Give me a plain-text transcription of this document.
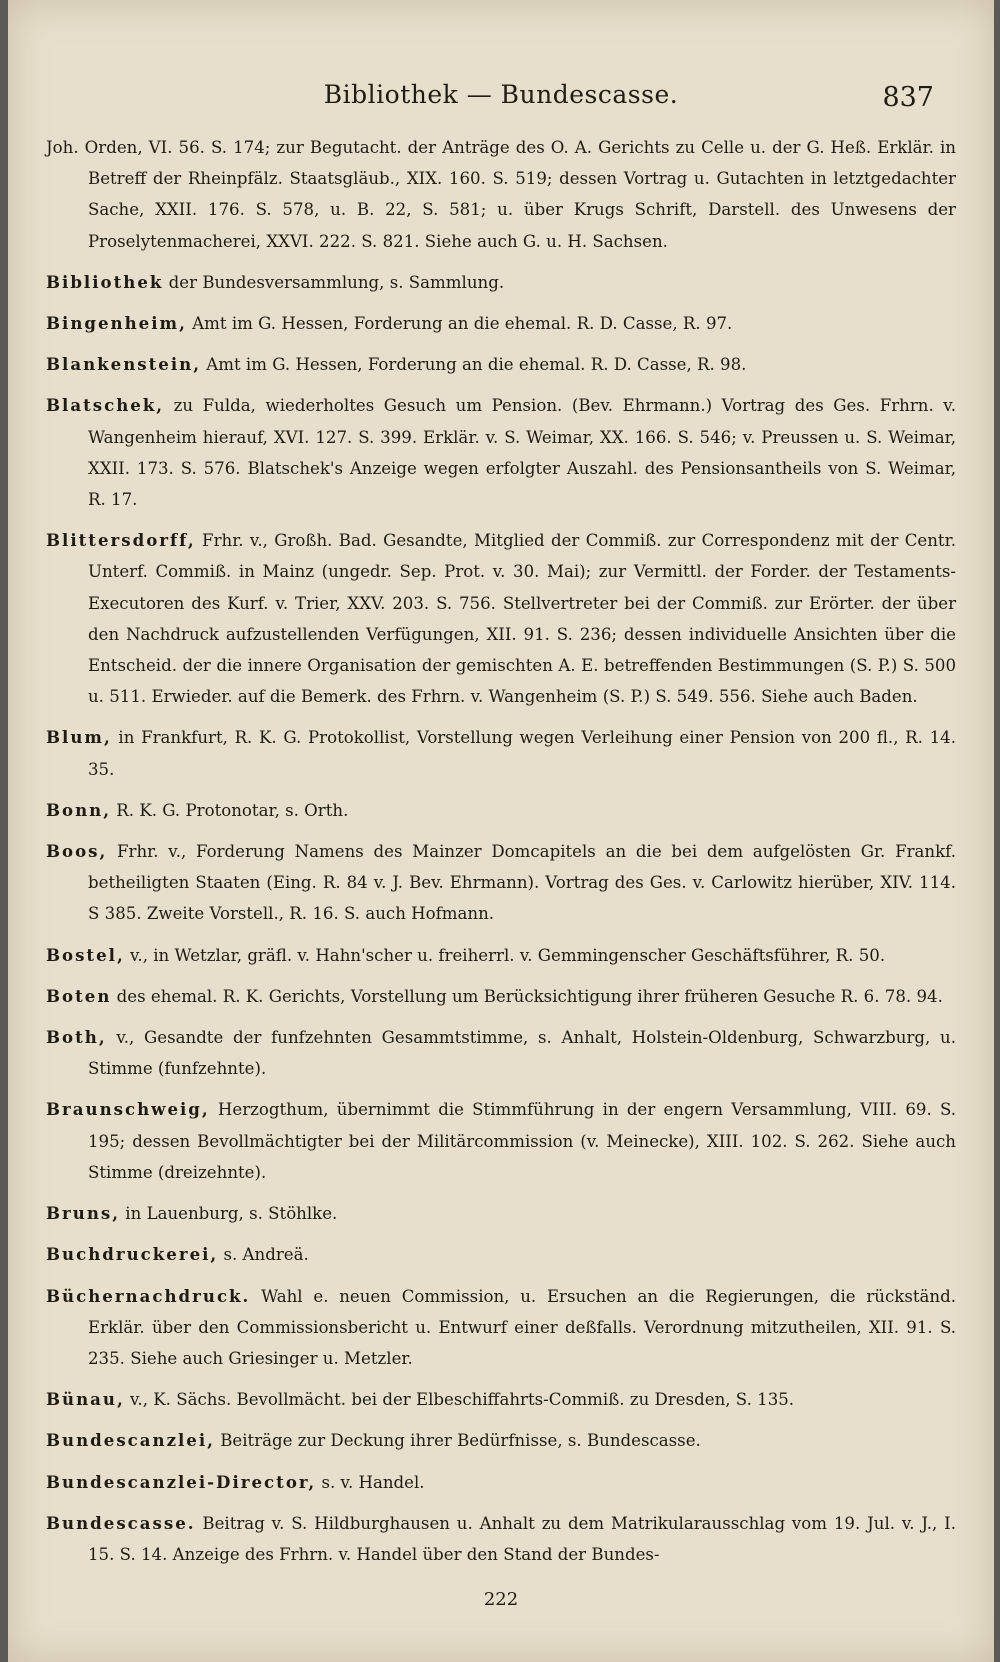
Bibliothek — Bundescasse.	837

Joh. Orden, VI. 56. S. 174; zur Begutacht. der Anträge des O. A. Gerichts zu Celle u. der G. Heß. Erklär. in Betreff der Rheinpfälz. Staatsgläub., XIX. 160. S. 519; dessen Vortrag u. Gutachten in letztgedachter Sache, XXII. 176. S. 578, u. B. 22, S. 581; u. über Krugs Schrift, Darstell. des Unwesens der Proselytenmacherei, XXVI. 222. S. 821. Siehe auch G. u. H. Sachsen.

Bibliothek der Bundesversammlung, s. Sammlung.

Bingenheim, Amt im G. Hessen, Forderung an die ehemal. R. D. Casse, R. 97.

Blankenstein, Amt im G. Hessen, Forderung an die ehemal. R. D. Casse, R. 98.

Blatschek, zu Fulda, wiederholtes Gesuch um Pension. (Bev. Ehrmann.) Vortrag des Ges. Frhrn. v. Wangenheim hierauf, XVI. 127. S. 399. Erklär. v. S. Weimar, XX. 166. S. 546; v. Preussen u. S. Weimar, XXII. 173. S. 576. Blatschek's Anzeige wegen erfolgter Auszahl. des Pensionsantheils von S. Weimar, R. 17.

Blittersdorff, Frhr. v., Großh. Bad. Gesandte, Mitglied der Commiß. zur Correspondenz mit der Centr. Unterf. Commiß. in Mainz (ungedr. Sep. Prot. v. 30. Mai); zur Vermittl. der Forder. der Testaments-Executoren des Kurf. v. Trier, XXV. 203. S. 756. Stellvertreter bei der Commiß. zur Erörter. der über den Nachdruck aufzustellenden Verfügungen, XII. 91. S. 236; dessen individuelle Ansichten über die Entscheid. der die innere Organisation der gemischten A. E. betreffenden Bestimmungen (S. P.) S. 500 u. 511. Erwieder. auf die Bemerk. des Frhrn. v. Wangenheim (S. P.) S. 549. 556. Siehe auch Baden.

Blum, in Frankfurt, R. K. G. Protokollist, Vorstellung wegen Verleihung einer Pension von 200 fl., R. 14. 35.

Bonn, R. K. G. Protonotar, s. Orth.

Boos, Frhr. v., Forderung Namens des Mainzer Domcapitels an die bei dem aufgelösten Gr. Frankf. betheiligten Staaten (Eing. R. 84 v. J. Bev. Ehrmann). Vortrag des Ges. v. Carlowitz hierüber, XIV. 114. S 385. Zweite Vorstell., R. 16. S. auch Hofmann.

Bostel, v., in Wetzlar, gräfl. v. Hahn'scher u. freiherrl. v. Gemmingenscher Geschäftsführer, R. 50.

Boten des ehemal. R. K. Gerichts, Vorstellung um Berücksichtigung ihrer früheren Gesuche R. 6. 78. 94.

Both, v., Gesandte der funfzehnten Gesammtstimme, s. Anhalt, Holstein-Oldenburg, Schwarzburg, u. Stimme (funfzehnte).

Braunschweig, Herzogthum, übernimmt die Stimmführung in der engern Versammlung, VIII. 69. S. 195; dessen Bevollmächtigter bei der Militärcommission (v. Meinecke), XIII. 102. S. 262. Siehe auch Stimme (dreizehnte).

Bruns, in Lauenburg, s. Stöhlke.

Buchdruckerei, s. Andreä.

Büchernachdruck. Wahl e. neuen Commission, u. Ersuchen an die Regierungen, die rückständ. Erklär. über den Commissionsbericht u. Entwurf einer deßfalls. Verordnung mitzutheilen, XII. 91. S. 235. Siehe auch Griesinger u. Metzler.

Bünau, v., K. Sächs. Bevollmächt. bei der Elbeschiffahrts-Commiß. zu Dresden, S. 135.

Bundescanzlei, Beiträge zur Deckung ihrer Bedürfnisse, s. Bundescasse.

Bundescanzlei-Director, s. v. Handel.

Bundescasse. Beitrag v. S. Hildburghausen u. Anhalt zu dem Matrikularausschlag vom 19. Jul. v. J., I. 15. S. 14. Anzeige des Frhrn. v. Handel über den Stand der Bundes-

222
